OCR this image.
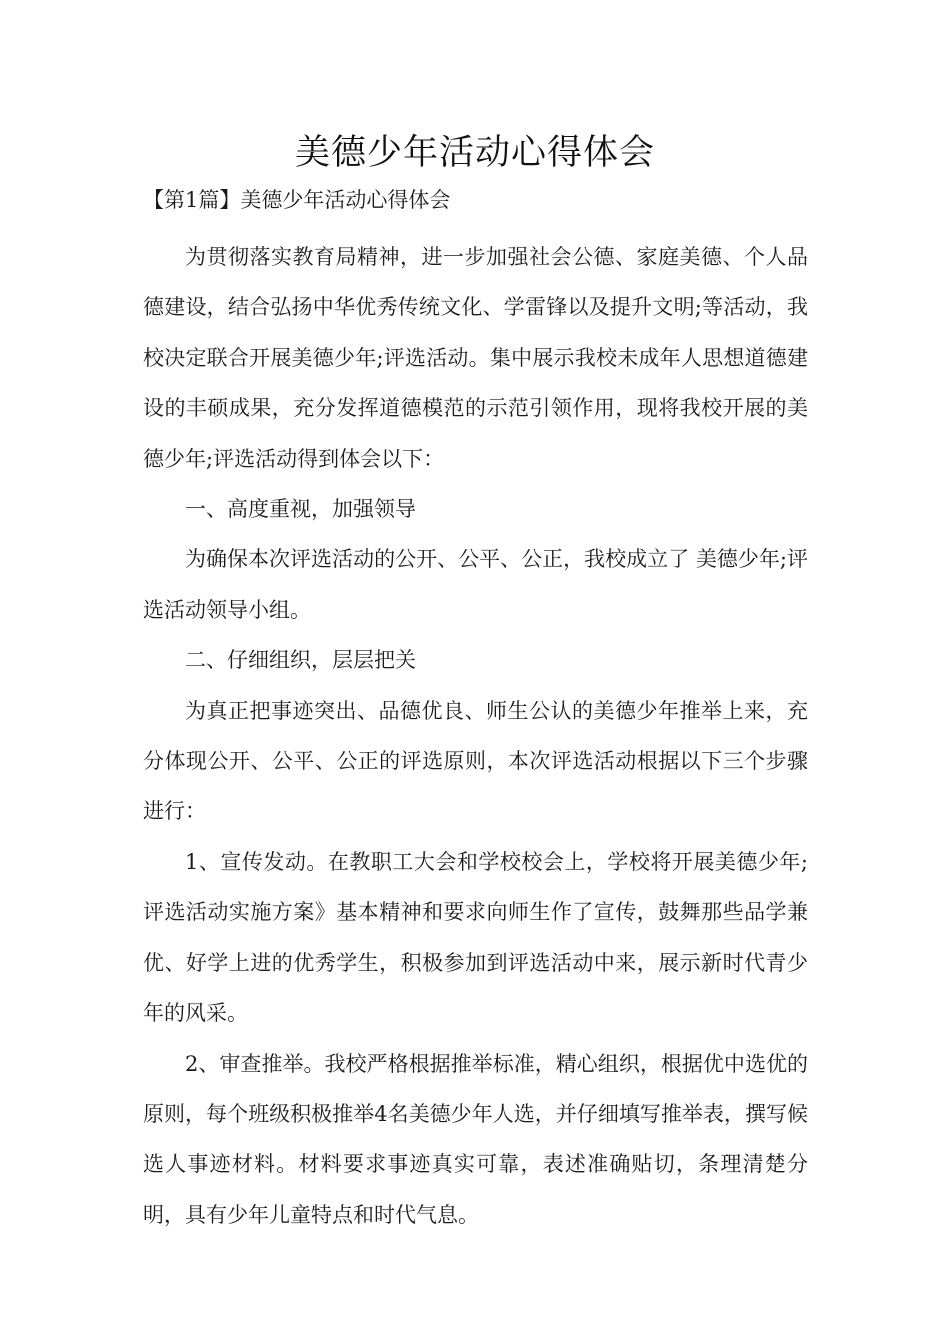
美德少年活动心得体会
【第1篇】美德少年活动心得体会

为贯彻落实教育局精神，进一步加强社会公德、家庭美德、个人品德建设，结合弘扬中华优秀传统文化、学雷锋以及提升文明;等活动，我校决定联合开展美德少年;评选活动。集中展示我校未成年人思想道德建设的丰硕成果，充分发挥道德模范的示范引领作用，现将我校开展的美德少年;评选活动得到体会以下：

一、高度重视，加强领导

为确保本次评选活动的公开、公平、公正，我校成立了 美德少年;评选活动领导小组。

二、仔细组织，层层把关

为真正把事迹突出、品德优良、师生公认的美德少年推举上来，充分体现公开、公平、公正的评选原则，本次评选活动根据以下三个步骤进行：

1、宣传发动。在教职工大会和学校校会上，学校将开展美德少年;评选活动实施方案》基本精神和要求向师生作了宣传，鼓舞那些品学兼优、好学上进的优秀学生，积极参加到评选活动中来，展示新时代青少年的风采。

2、审查推举。我校严格根据推举标准，精心组织，根据优中选优的原则，每个班级积极推举4名美德少年人选，并仔细填写推举表，撰写候选人事迹材料。材料要求事迹真实可靠，表述准确贴切，条理清楚分明，具有少年儿童特点和时代气息。
